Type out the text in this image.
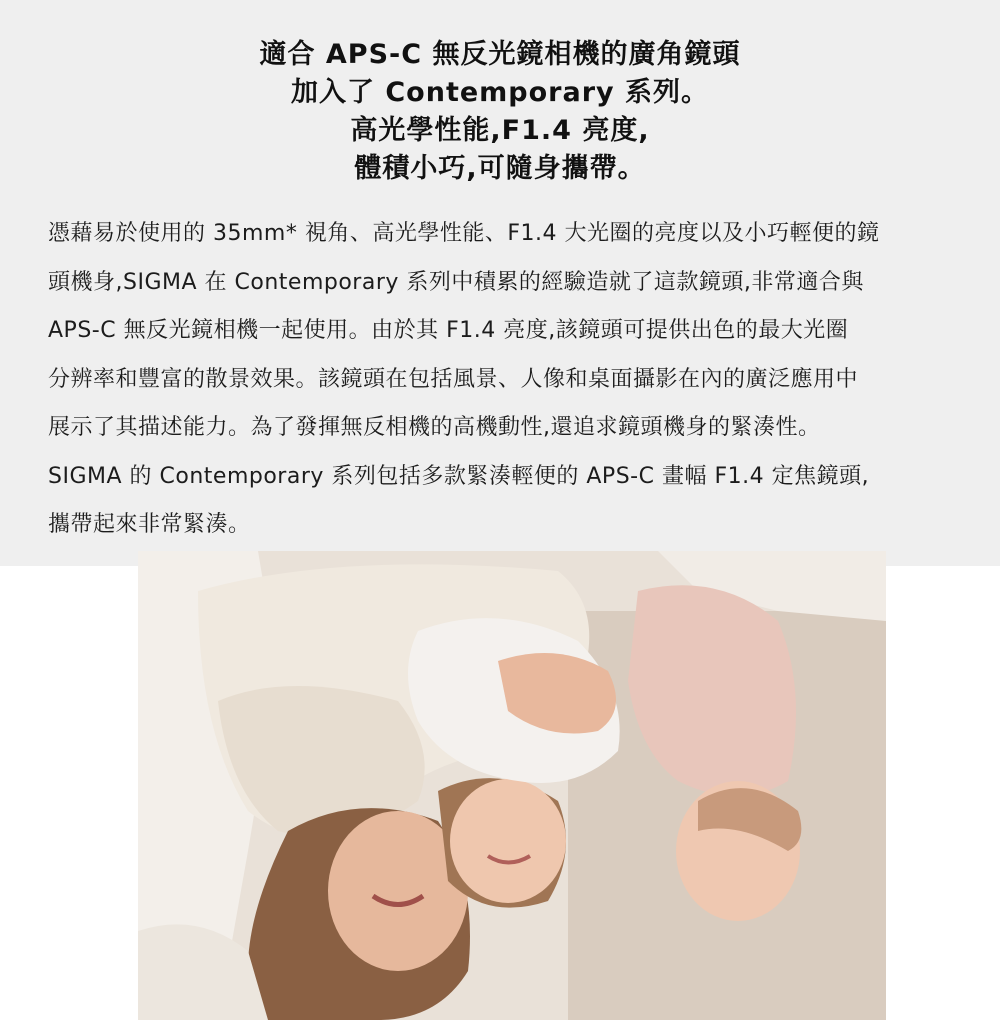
適合 APS-C 無反光鏡相機的廣角鏡頭
加入了 Contemporary 系列。
高光學性能,F1.4 亮度,
體積小巧,可隨身攜帶。
憑藉易於使用的 35mm* 視角、高光學性能、F1.4 大光圈的亮度以及小巧輕便的鏡
頭機身,SIGMA 在 Contemporary 系列中積累的經驗造就了這款鏡頭,非常適合與
APS-C 無反光鏡相機一起使用。由於其 F1.4 亮度,該鏡頭可提供出色的最大光圈
分辨率和豐富的散景效果。該鏡頭在包括風景、人像和桌面攝影在內的廣泛應用中
展示了其描述能力。為了發揮無反相機的高機動性,還追求鏡頭機身的緊湊性。
SIGMA 的 Contemporary 系列包括多款緊湊輕便的 APS-C 畫幅 F1.4 定焦鏡頭,
攜帶起來非常緊湊。
